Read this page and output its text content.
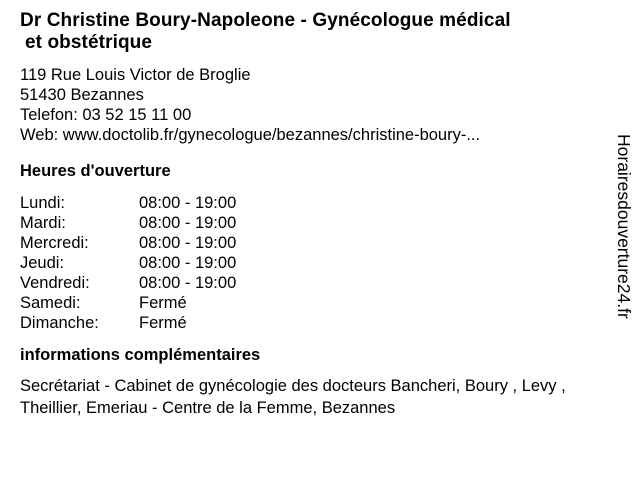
Dr Christine Boury-Napoleone - Gynécologue médical
et obstétrique
119 Rue Louis Victor de Broglie
51430 Bezannes
Telefon: 03 52 15 11 00
Web: www.doctolib.fr/gynecologue/bezannes/christine-boury-...
Heures d'ouverture
Lundi:	08:00 - 19:00
Mardi:	08:00 - 19:00
Mercredi:	08:00 - 19:00
Jeudi:	08:00 - 19:00
Vendredi:	08:00 - 19:00
Samedi:	Fermé
Dimanche:	Fermé
informations complémentaires
Secrétariat - Cabinet de gynécologie des docteurs Bancheri, Boury , Levy , Theillier, Emeriau - Centre de la Femme, Bezannes
Horairesdouverture24.fr
